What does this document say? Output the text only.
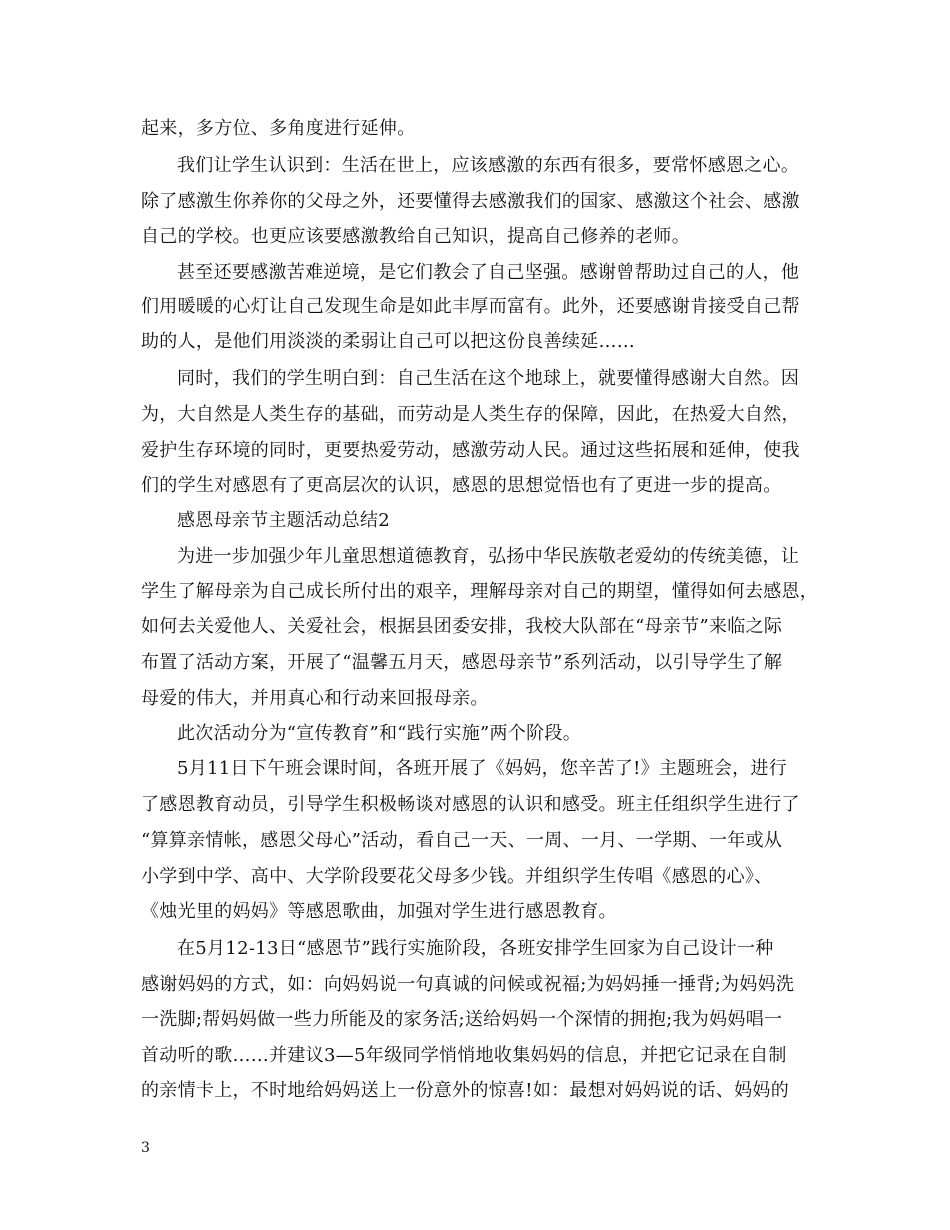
起来，多方位、多角度进行延伸。
我们让学生认识到：生活在世上，应该感激的东西有很多，要常怀感恩之心。
除了感激生你养你的父母之外，还要懂得去感激我们的国家、感激这个社会、感激
自己的学校。也更应该要感激教给自己知识，提高自己修养的老师。
甚至还要感激苦难逆境，是它们教会了自己坚强。感谢曾帮助过自己的人，他
们用暖暖的心灯让自己发现生命是如此丰厚而富有。此外，还要感谢肯接受自己帮
助的人，是他们用淡淡的柔弱让自己可以把这份良善续延……
同时，我们的学生明白到：自己生活在这个地球上，就要懂得感谢大自然。因
为，大自然是人类生存的基础，而劳动是人类生存的保障，因此，在热爱大自然，
爱护生存环境的同时，更要热爱劳动，感激劳动人民。通过这些拓展和延伸，使我
们的学生对感恩有了更高层次的认识，感恩的思想觉悟也有了更进一步的提高。
感恩母亲节主题活动总结2
为进一步加强少年儿童思想道德教育，弘扬中华民族敬老爱幼的传统美德，让
学生了解母亲为自己成长所付出的艰辛，理解母亲对自己的期望，懂得如何去感恩，
如何去关爱他人、关爱社会，根据县团委安排，我校大队部在“母亲节”来临之际
布置了活动方案，开展了“温馨五月天，感恩母亲节”系列活动，以引导学生了解
母爱的伟大，并用真心和行动来回报母亲。
此次活动分为“宣传教育”和“践行实施”两个阶段。
5月11日下午班会课时间，各班开展了《妈妈，您辛苦了!》主题班会，进行
了感恩教育动员，引导学生积极畅谈对感恩的认识和感受。班主任组织学生进行了
“算算亲情帐，感恩父母心”活动，看自己一天、一周、一月、一学期、一年或从
小学到中学、高中、大学阶段要花父母多少钱。并组织学生传唱《感恩的心》、
《烛光里的妈妈》等感恩歌曲，加强对学生进行感恩教育。
在5月12-13日“感恩节”践行实施阶段，各班安排学生回家为自己设计一种
感谢妈妈的方式，如：向妈妈说一句真诚的问候或祝福;为妈妈捶一捶背;为妈妈洗
一洗脚;帮妈妈做一些力所能及的家务活;送给妈妈一个深情的拥抱;我为妈妈唱一
首动听的歌……并建议3—5年级同学悄悄地收集妈妈的信息，并把它记录在自制
的亲情卡上，不时地给妈妈送上一份意外的惊喜!如：最想对妈妈说的话、妈妈的
3
